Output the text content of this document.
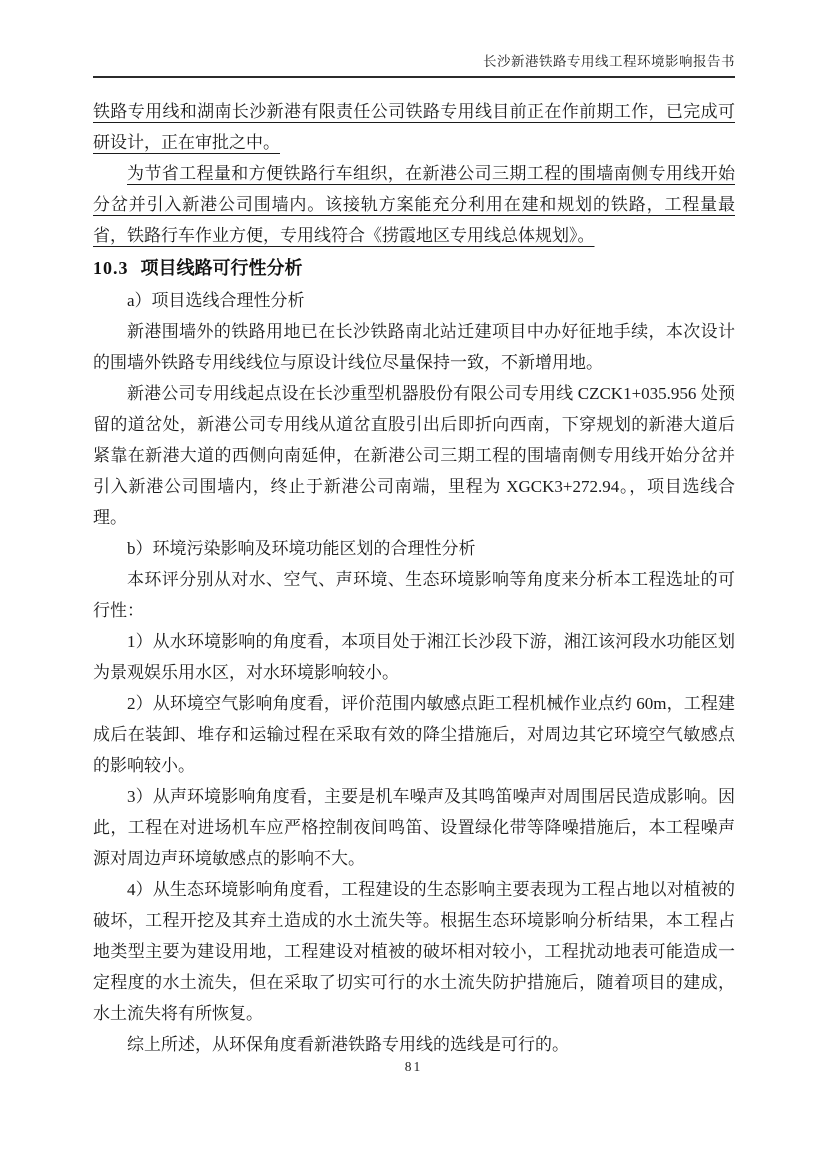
长沙新港铁路专用线工程环境影响报告书

铁路专用线和湖南长沙新港有限责任公司铁路专用线目前正在作前期工作，已完成可研设计，正在审批之中。

为节省工程量和方便铁路行车组织，在新港公司三期工程的围墙南侧专用线开始分岔并引入新港公司围墙内。该接轨方案能充分利用在建和规划的铁路，工程量最省，铁路行车作业方便，专用线符合《捞霞地区专用线总体规划》。

10.3 项目线路可行性分析

a）项目选线合理性分析

新港围墙外的铁路用地已在长沙铁路南北站迁建项目中办好征地手续，本次设计的围墙外铁路专用线线位与原设计线位尽量保持一致，不新增用地。

新港公司专用线起点设在长沙重型机器股份有限公司专用线 CZCK1+035.956 处预留的道岔处，新港公司专用线从道岔直股引出后即折向西南，下穿规划的新港大道后紧靠在新港大道的西侧向南延伸，在新港公司三期工程的围墙南侧专用线开始分岔并引入新港公司围墙内，终止于新港公司南端，里程为 XGCK3+272.94。，项目选线合理。

b）环境污染影响及环境功能区划的合理性分析

本环评分别从对水、空气、声环境、生态环境影响等角度来分析本工程选址的可行性：

1）从水环境影响的角度看，本项目处于湘江长沙段下游，湘江该河段水功能区划为景观娱乐用水区，对水环境影响较小。

2）从环境空气影响角度看，评价范围内敏感点距工程机械作业点约 60m，工程建成后在装卸、堆存和运输过程在采取有效的降尘措施后，对周边其它环境空气敏感点的影响较小。

3）从声环境影响角度看，主要是机车噪声及其鸣笛噪声对周围居民造成影响。因此，工程在对进场机车应严格控制夜间鸣笛、设置绿化带等降噪措施后，本工程噪声源对周边声环境敏感点的影响不大。

4）从生态环境影响角度看，工程建设的生态影响主要表现为工程占地以对植被的破坏，工程开挖及其弃土造成的水土流失等。根据生态环境影响分析结果，本工程占地类型主要为建设用地，工程建设对植被的破坏相对较小，工程扰动地表可能造成一定程度的水土流失，但在采取了切实可行的水土流失防护措施后，随着项目的建成，水土流失将有所恢复。

综上所述，从环保角度看新港铁路专用线的选线是可行的。

81
